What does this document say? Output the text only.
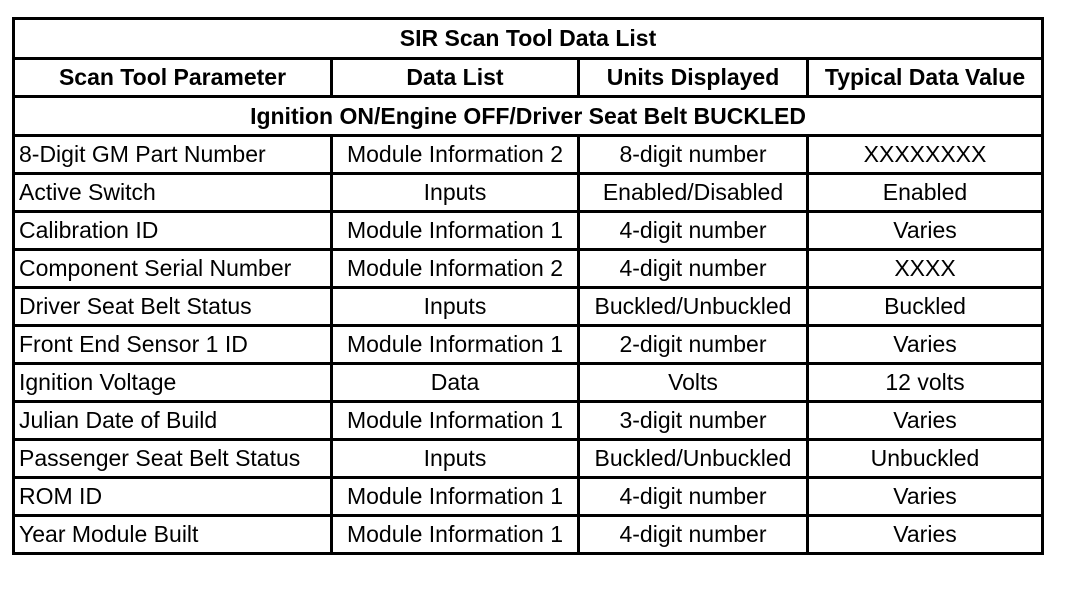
SIR Scan Tool Data List			
Scan Tool Parameter	Data List	Units Displayed	Typical Data Value
Ignition ON/Engine OFF/Driver Seat Belt BUCKLED			
8-Digit GM Part Number	Module Information 2	8-digit number	XXXXXXXX
Active Switch	Inputs	Enabled/Disabled	Enabled
Calibration ID	Module Information 1	4-digit number	Varies
Component Serial Number	Module Information 2	4-digit number	XXXX
Driver Seat Belt Status	Inputs	Buckled/Unbuckled	Buckled
Front End Sensor 1 ID	Module Information 1	2-digit number	Varies
Ignition Voltage	Data	Volts	12 volts
Julian Date of Build	Module Information 1	3-digit number	Varies
Passenger Seat Belt Status	Inputs	Buckled/Unbuckled	Unbuckled
ROM ID	Module Information 1	4-digit number	Varies
Year Module Built	Module Information 1	4-digit number	Varies
